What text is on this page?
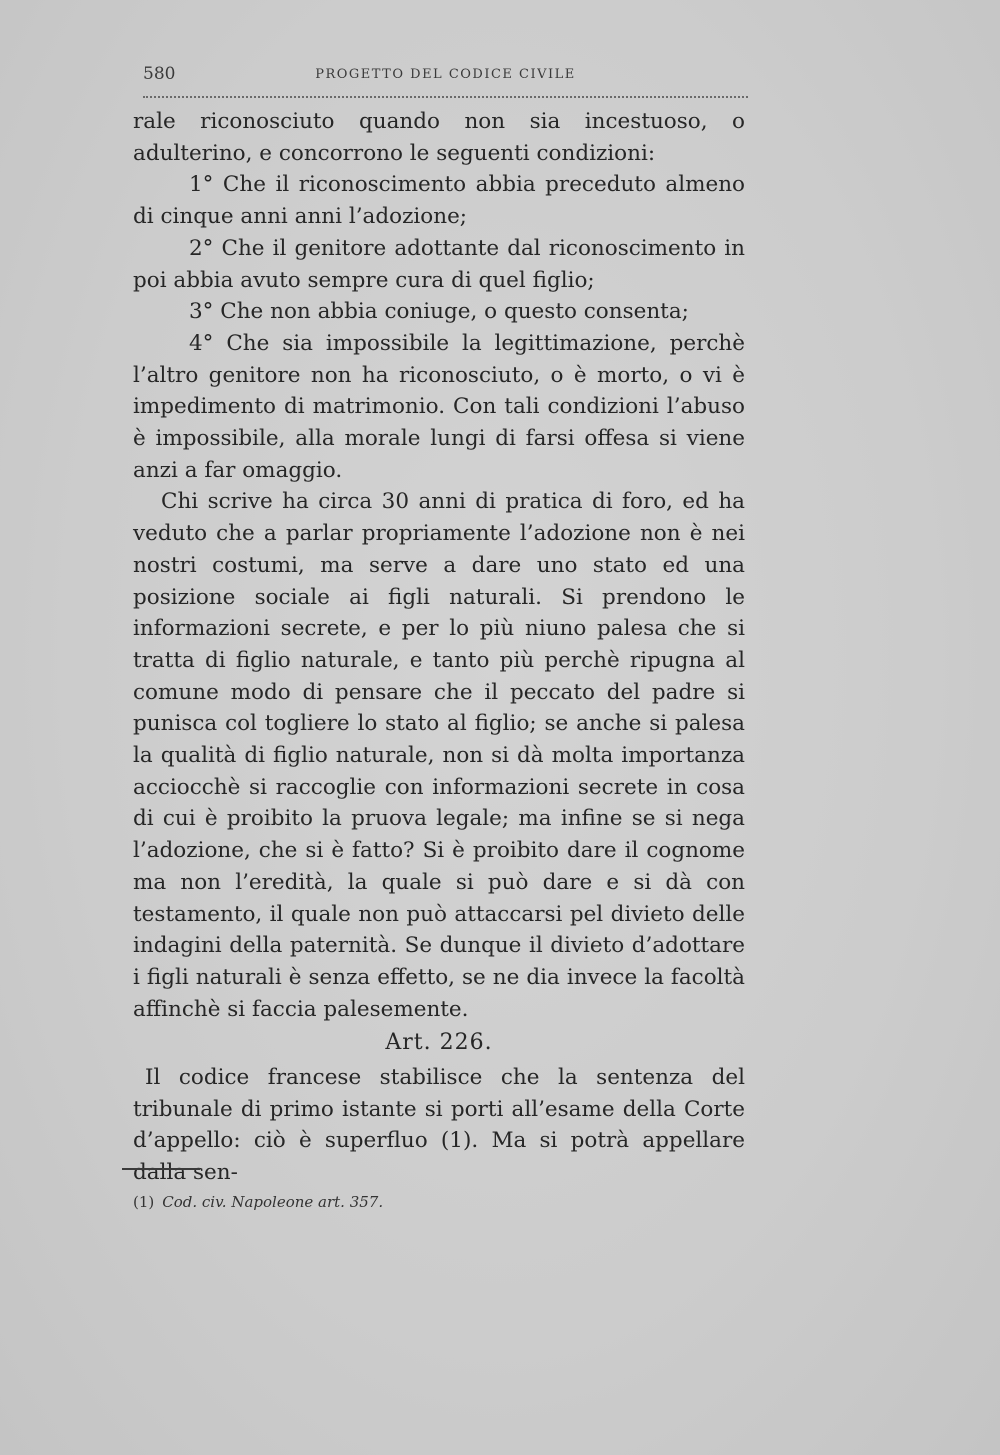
580	PROGETTO DEL CODICE CIVILE

rale riconosciuto quando non sia incestuoso, o adulterino, e concorrono le seguenti condizioni:

1° Che il riconoscimento abbia preceduto almeno di cinque anni anni l’adozione;

2° Che il genitore adottante dal riconoscimento in poi abbia avuto sempre cura di quel figlio;

3° Che non abbia coniuge, o questo consenta;

4° Che sia impossibile la legittimazione, perchè l’altro genitore non ha riconosciuto, o è morto, o vi è impedimento di matrimonio. Con tali condizioni l’abuso è impossibile, alla morale lungi di farsi offesa si viene anzi a far omaggio.

Chi scrive ha circa 30 anni di pratica di foro, ed ha veduto che a parlar propriamente l’adozione non è nei nostri costumi, ma serve a dare uno stato ed una posizione sociale ai figli naturali. Si prendono le informazioni secrete, e per lo più niuno palesa che si tratta di figlio naturale, e tanto più perchè ripugna al comune modo di pensare che il peccato del padre si punisca col togliere lo stato al figlio; se anche si palesa la qualità di figlio naturale, non si dà molta importanza acciocchè si raccoglie con informazioni secrete in cosa di cui è proibito la pruova legale; ma infine se si nega l’adozione, che si è fatto? Si è proibito dare il cognome ma non l’eredità, la quale si può dare e si dà con testamento, il quale non può attaccarsi pel divieto delle indagini della paternità. Se dunque il divieto d’adottare i figli naturali è senza effetto, se ne dia invece la facoltà affinchè si faccia palesemente.

Art. 226.

Il codice francese stabilisce che la sentenza del tribunale di primo istante si porti all’esame della Corte d’appello: ciò è superfluo (1). Ma si potrà appellare dalla sen-

(1) Cod. civ. Napoleone art. 357.
